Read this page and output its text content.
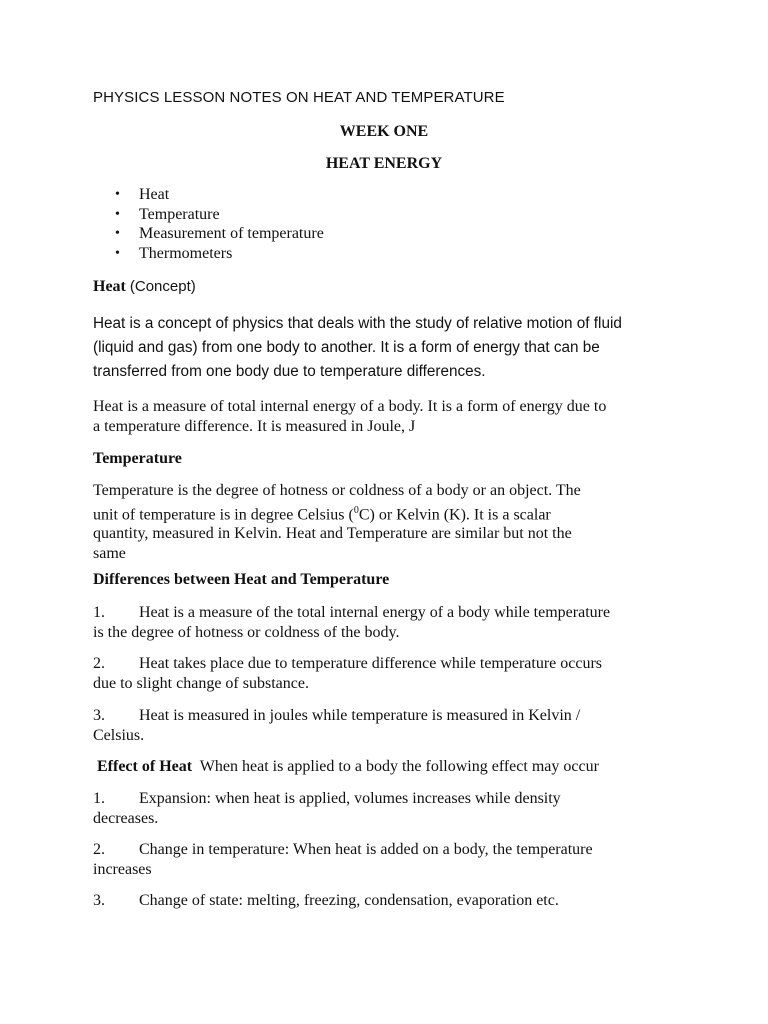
PHYSICS LESSON NOTES ON HEAT AND TEMPERATURE
WEEK ONE
HEAT ENERGY
• Heat
• Temperature
• Measurement of temperature
• Thermometers
Heat (Concept)
Heat is a concept of physics that deals with the study of relative motion of fluid
(liquid and gas) from one body to another. It is a form of energy that can be
transferred from one body due to temperature differences.
Heat is a measure of total internal energy of a body. It is a form of energy due to
a temperature difference. It is measured in Joule, J
Temperature
Temperature is the degree of hotness or coldness of a body or an object. The
unit of temperature is in degree Celsius ($^0$C) or Kelvin (K). It is a scalar
quantity, measured in Kelvin. Heat and Temperature are similar but not the
same
Differences between Heat and Temperature
1. Heat is a measure of the total internal energy of a body while temperature
is the degree of hotness or coldness of the body.
2. Heat takes place due to temperature difference while temperature occurs
due to slight change of substance.
3. Heat is measured in joules while temperature is measured in Kelvin /
Celsius.
Effect of Heat When heat is applied to a body the following effect may occur
1. Expansion: when heat is applied, volumes increases while density
decreases.
2. Change in temperature: When heat is added on a body, the temperature
increases
3. Change of state: melting, freezing, condensation, evaporation etc.
